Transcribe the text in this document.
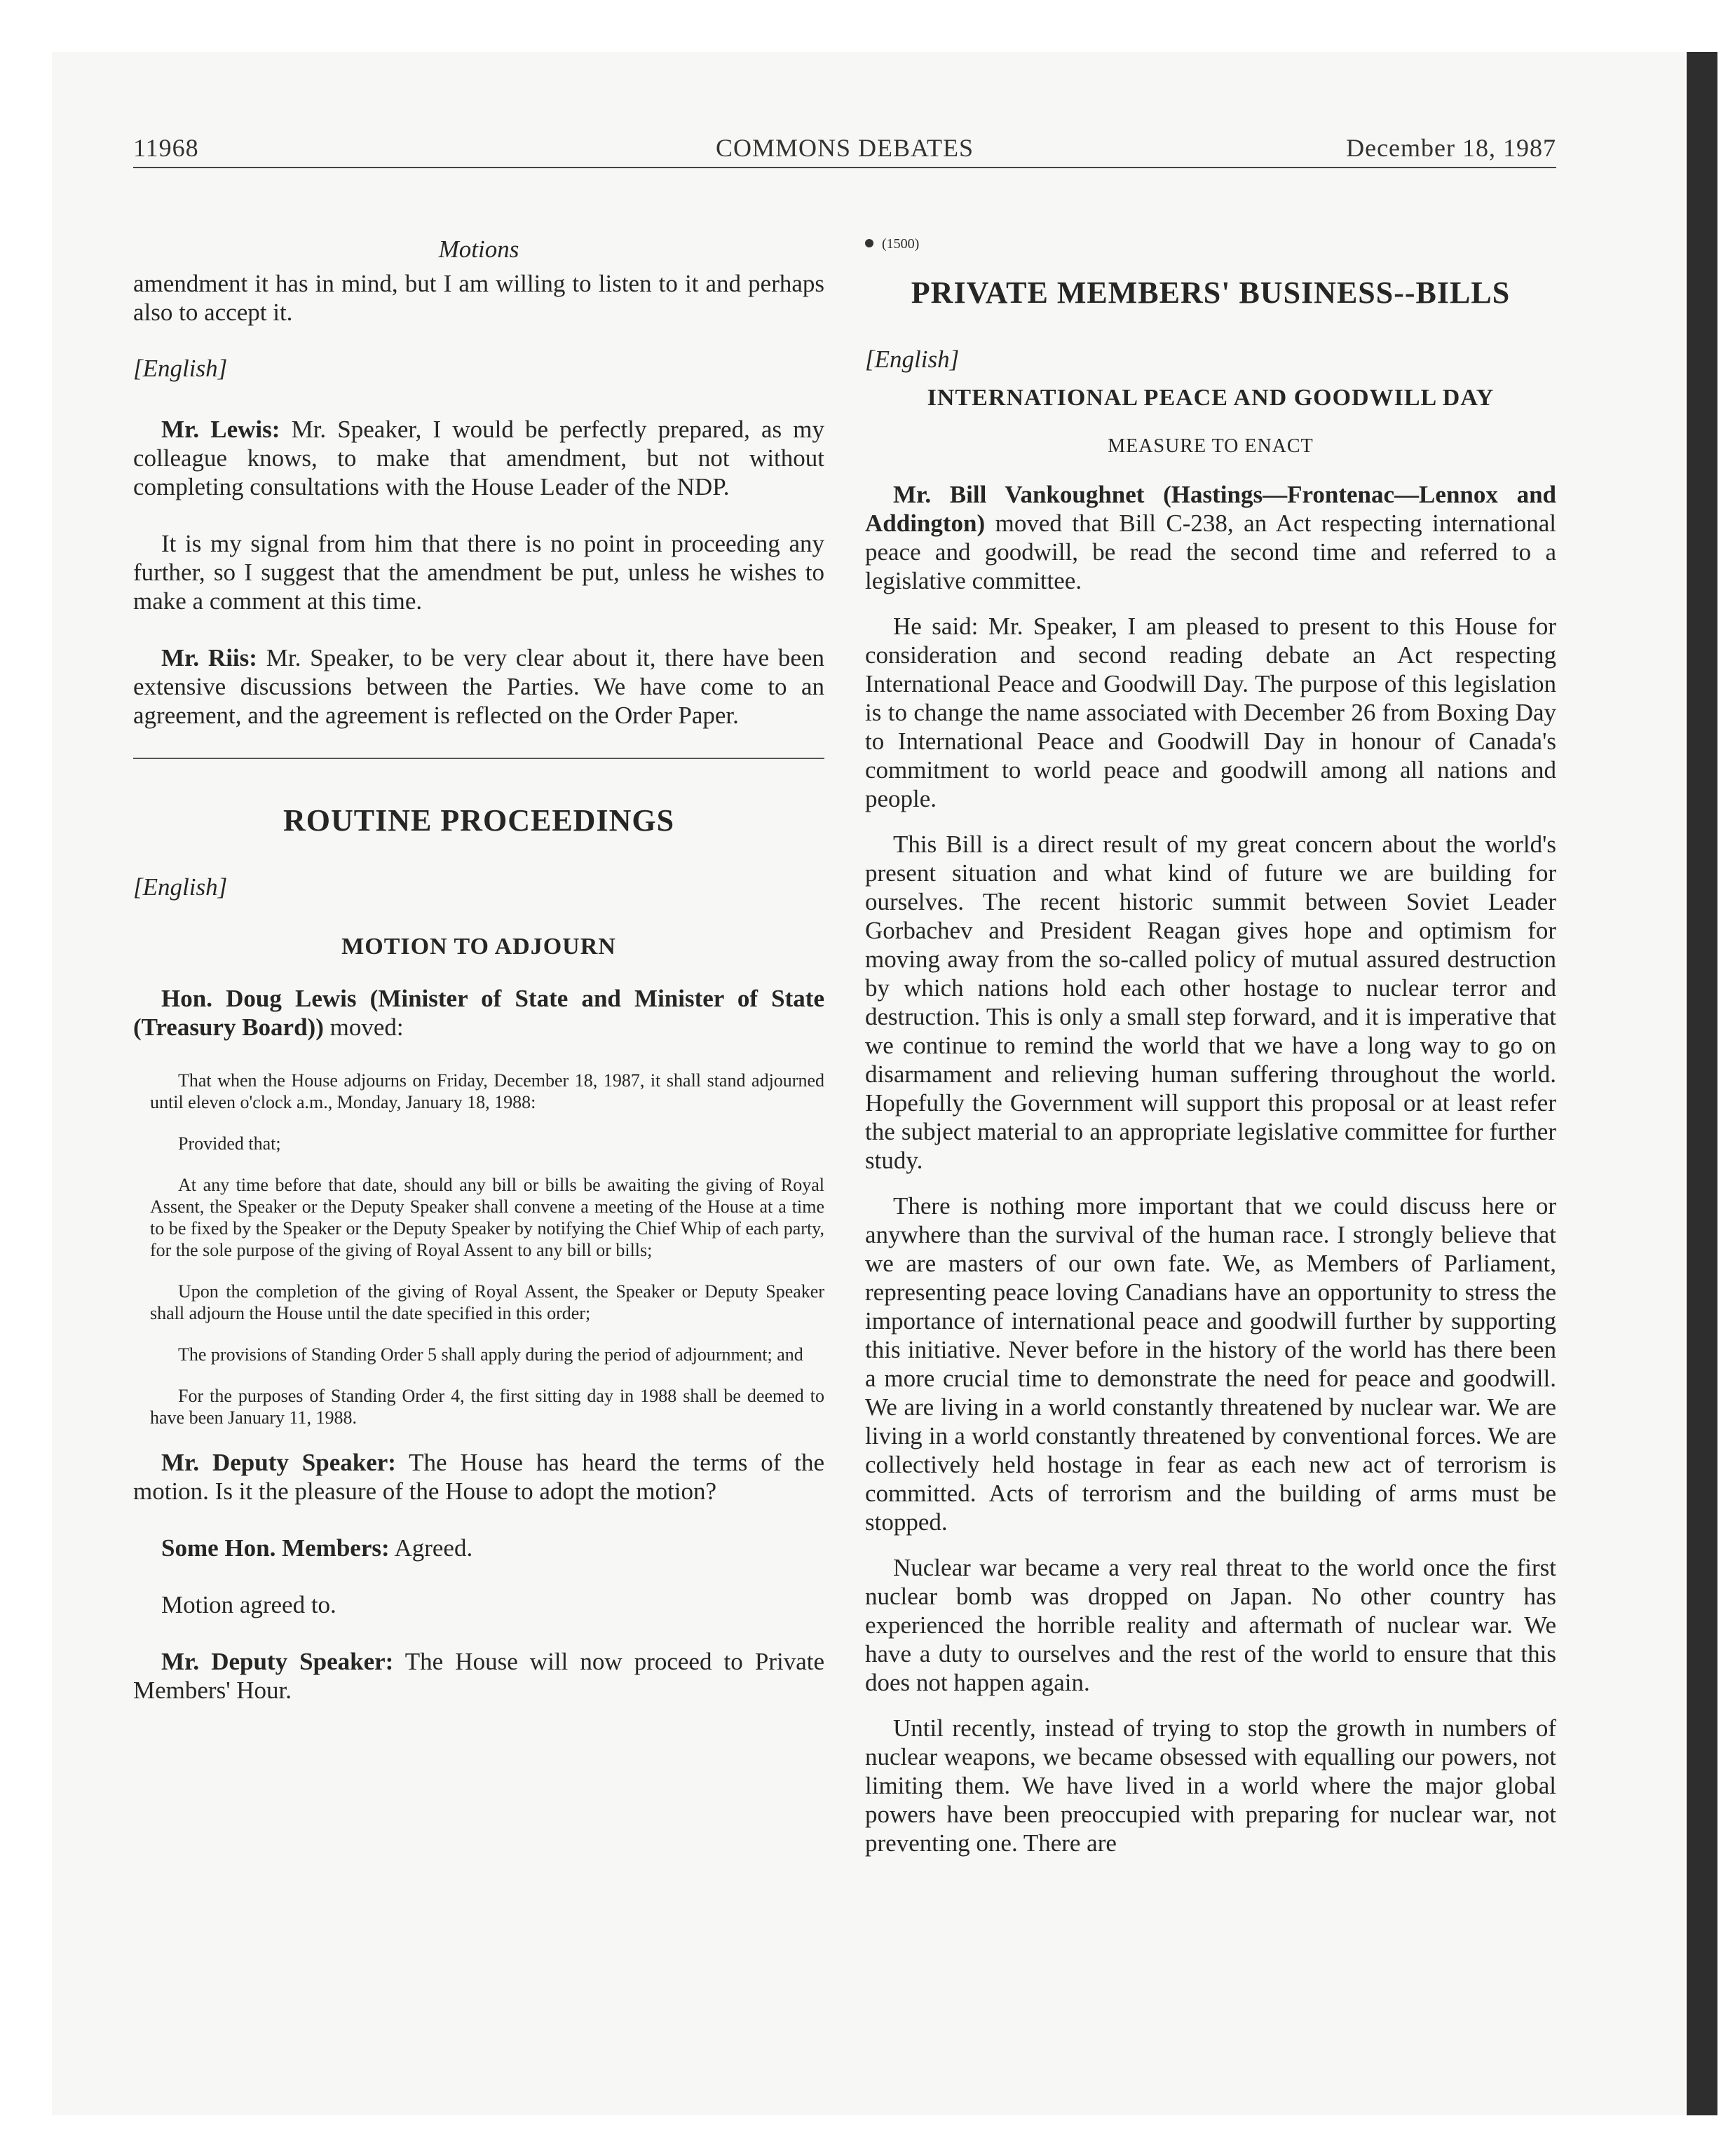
11968	COMMONS DEBATES	December 18, 1987
Motions
amendment it has in mind, but I am willing to listen to it and perhaps also to accept it.
[English]
Mr. Lewis: Mr. Speaker, I would be perfectly prepared, as my colleague knows, to make that amendment, but not without completing consultations with the House Leader of the NDP.
It is my signal from him that there is no point in proceeding any further, so I suggest that the amendment be put, unless he wishes to make a comment at this time.
Mr. Riis: Mr. Speaker, to be very clear about it, there have been extensive discussions between the Parties. We have come to an agreement, and the agreement is reflected on the Order Paper.
ROUTINE PROCEEDINGS
[English]
MOTION TO ADJOURN
Hon. Doug Lewis (Minister of State and Minister of State (Treasury Board)) moved:
That when the House adjourns on Friday, December 18, 1987, it shall stand adjourned until eleven o'clock a.m., Monday, January 18, 1988:
Provided that;
At any time before that date, should any bill or bills be awaiting the giving of Royal Assent, the Speaker or the Deputy Speaker shall convene a meeting of the House at a time to be fixed by the Speaker or the Deputy Speaker by notifying the Chief Whip of each party, for the sole purpose of the giving of Royal Assent to any bill or bills;
Upon the completion of the giving of Royal Assent, the Speaker or Deputy Speaker shall adjourn the House until the date specified in this order;
The provisions of Standing Order 5 shall apply during the period of adjournment; and
For the purposes of Standing Order 4, the first sitting day in 1988 shall be deemed to have been January 11, 1988.
Mr. Deputy Speaker: The House has heard the terms of the motion. Is it the pleasure of the House to adopt the motion?
Some Hon. Members: Agreed.
Motion agreed to.
Mr. Deputy Speaker: The House will now proceed to Private Members' Hour.
(1500)
PRIVATE MEMBERS' BUSINESS--BILLS
[English]
INTERNATIONAL PEACE AND GOODWILL DAY
MEASURE TO ENACT
Mr. Bill Vankoughnet (Hastings—Frontenac—Lennox and Addington) moved that Bill C-238, an Act respecting international peace and goodwill, be read the second time and referred to a legislative committee.
He said: Mr. Speaker, I am pleased to present to this House for consideration and second reading debate an Act respecting International Peace and Goodwill Day. The purpose of this legislation is to change the name associated with December 26 from Boxing Day to International Peace and Goodwill Day in honour of Canada's commitment to world peace and goodwill among all nations and people.
This Bill is a direct result of my great concern about the world's present situation and what kind of future we are building for ourselves. The recent historic summit between Soviet Leader Gorbachev and President Reagan gives hope and optimism for moving away from the so-called policy of mutual assured destruction by which nations hold each other hostage to nuclear terror and destruction. This is only a small step forward, and it is imperative that we continue to remind the world that we have a long way to go on disarmament and relieving human suffering throughout the world. Hopefully the Government will support this proposal or at least refer the subject material to an appropriate legislative committee for further study.
There is nothing more important that we could discuss here or anywhere than the survival of the human race. I strongly believe that we are masters of our own fate. We, as Members of Parliament, representing peace loving Canadians have an opportunity to stress the importance of international peace and goodwill further by supporting this initiative. Never before in the history of the world has there been a more crucial time to demonstrate the need for peace and goodwill. We are living in a world constantly threatened by nuclear war. We are living in a world constantly threatened by conventional forces. We are collectively held hostage in fear as each new act of terrorism is committed. Acts of terrorism and the building of arms must be stopped.
Nuclear war became a very real threat to the world once the first nuclear bomb was dropped on Japan. No other country has experienced the horrible reality and aftermath of nuclear war. We have a duty to ourselves and the rest of the world to ensure that this does not happen again.
Until recently, instead of trying to stop the growth in numbers of nuclear weapons, we became obsessed with equalling our powers, not limiting them. We have lived in a world where the major global powers have been preoccupied with preparing for nuclear war, not preventing one. There are
